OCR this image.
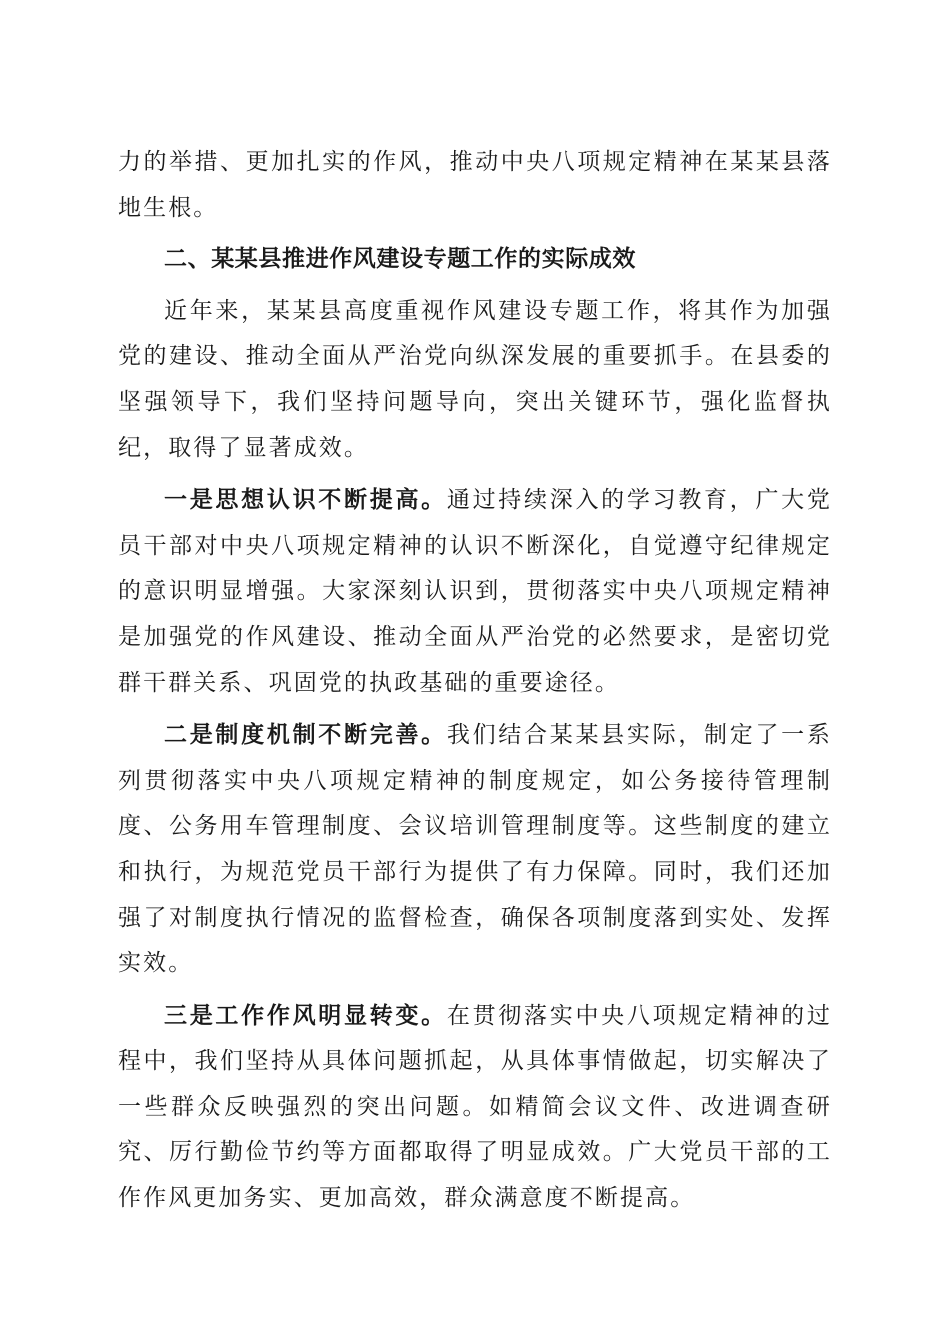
力的举措、更加扎实的作风，推动中央八项规定精神在某某县落地生根。

二、某某县推进作风建设专题工作的实际成效

近年来，某某县高度重视作风建设专题工作，将其作为加强党的建设、推动全面从严治党向纵深发展的重要抓手。在县委的坚强领导下，我们坚持问题导向，突出关键环节，强化监督执纪，取得了显著成效。

一是思想认识不断提高。通过持续深入的学习教育，广大党员干部对中央八项规定精神的认识不断深化，自觉遵守纪律规定的意识明显增强。大家深刻认识到，贯彻落实中央八项规定精神是加强党的作风建设、推动全面从严治党的必然要求，是密切党群干群关系、巩固党的执政基础的重要途径。

二是制度机制不断完善。我们结合某某县实际，制定了一系列贯彻落实中央八项规定精神的制度规定，如公务接待管理制度、公务用车管理制度、会议培训管理制度等。这些制度的建立和执行，为规范党员干部行为提供了有力保障。同时，我们还加强了对制度执行情况的监督检查，确保各项制度落到实处、发挥实效。

三是工作作风明显转变。在贯彻落实中央八项规定精神的过程中，我们坚持从具体问题抓起，从具体事情做起，切实解决了一些群众反映强烈的突出问题。如精简会议文件、改进调查研究、厉行勤俭节约等方面都取得了明显成效。广大党员干部的工作作风更加务实、更加高效，群众满意度不断提高。
